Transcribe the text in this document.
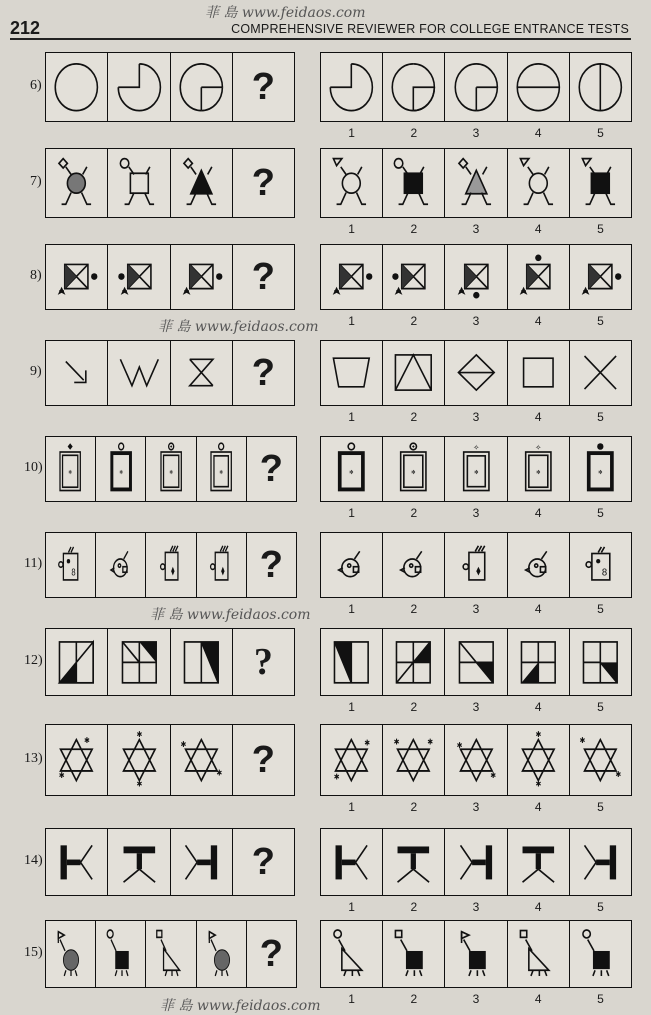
212	COMPREHENSIVE REVIEWER FOR COLLEGE ENTRANCE TESTS
菲 島 www.feidaos.com
菲 島 www.feidaos.com
菲 島 www.feidaos.com
菲 島 www.feidaos.com
6)	?
1	2	3	4	5
7)	?
1	2	3	4	5
8)	?
1	2	3	4	5
9)	?
1	2	3	4	5
10)	✻	✻
✦
✻	✻ ?	✻
1
✦
✻
2
✧
✻
3
✧
✻
4
✻
5
11)
8	?
1	2	3	4
8
5
12)	?
1	2	3	4	5
13)
✱
✱
✱
✱
✱
✱ ?	✱
✱
1
✱ ✱
2
✱
✱
3
✱
✱
4
✱
✱
5
14)	?
1	2	3	4	5
15)	?
1	2	3	4	5
